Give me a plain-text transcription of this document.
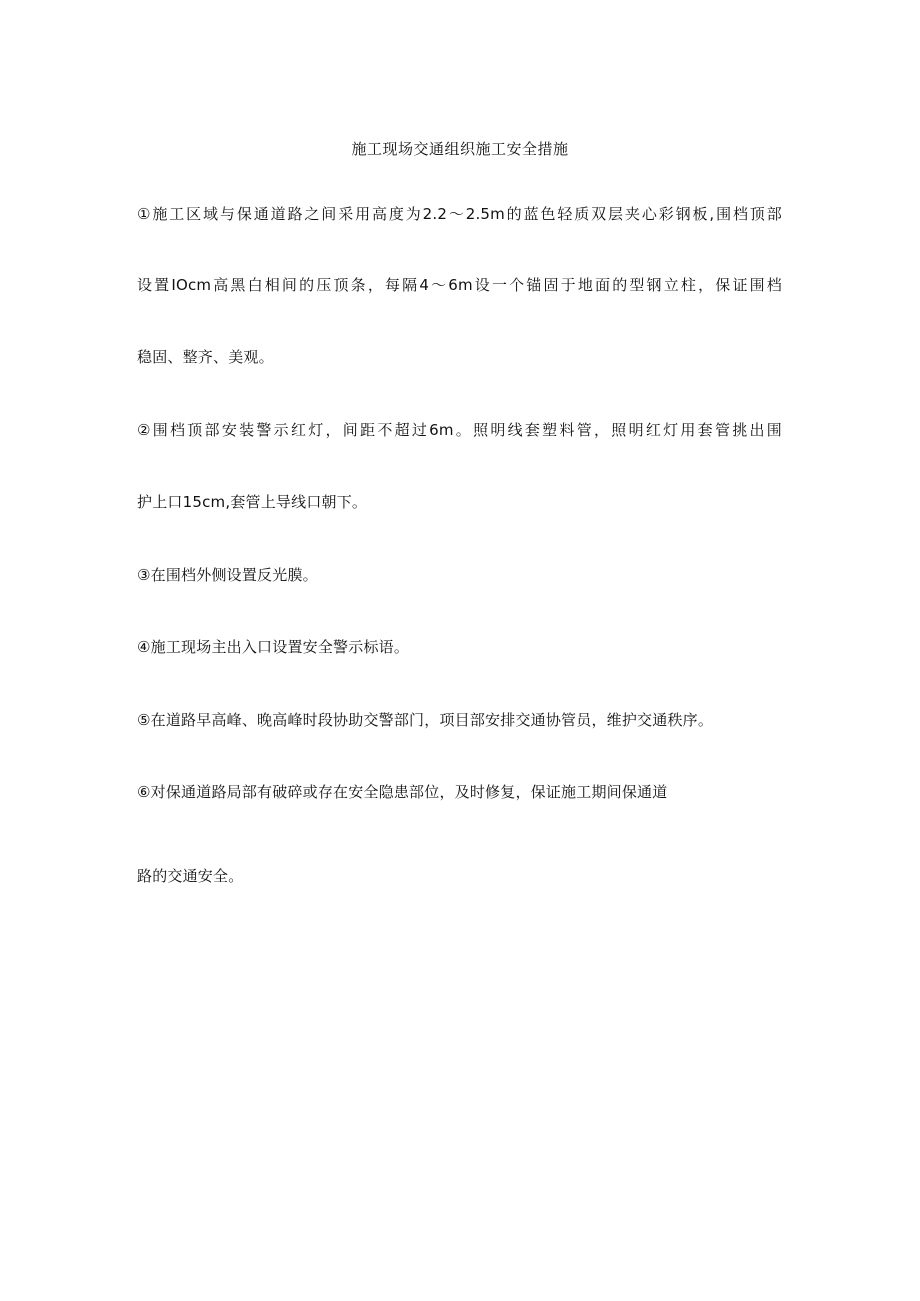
施工现场交通组织施工安全措施
①施工区域与保通道路之间采用高度为2.2～2.5m的蓝色轻质双层夹心彩钢板,围档顶部
设置IOcm高黑白相间的压顶条，每隔4～6m设一个锚固于地面的型钢立柱，保证围档
稳固、整齐、美观。
②围档顶部安装警示红灯，间距不超过6m。照明线套塑料管，照明红灯用套管挑出围
护上口15cm,套管上导线口朝下。
③在围档外侧设置反光膜。
④施工现场主出入口设置安全警示标语。
⑤在道路早高峰、晚高峰时段协助交警部门，项目部安排交通协管员，维护交通秩序。
⑥对保通道路局部有破碎或存在安全隐患部位，及时修复，保证施工期间保通道
路的交通安全。
